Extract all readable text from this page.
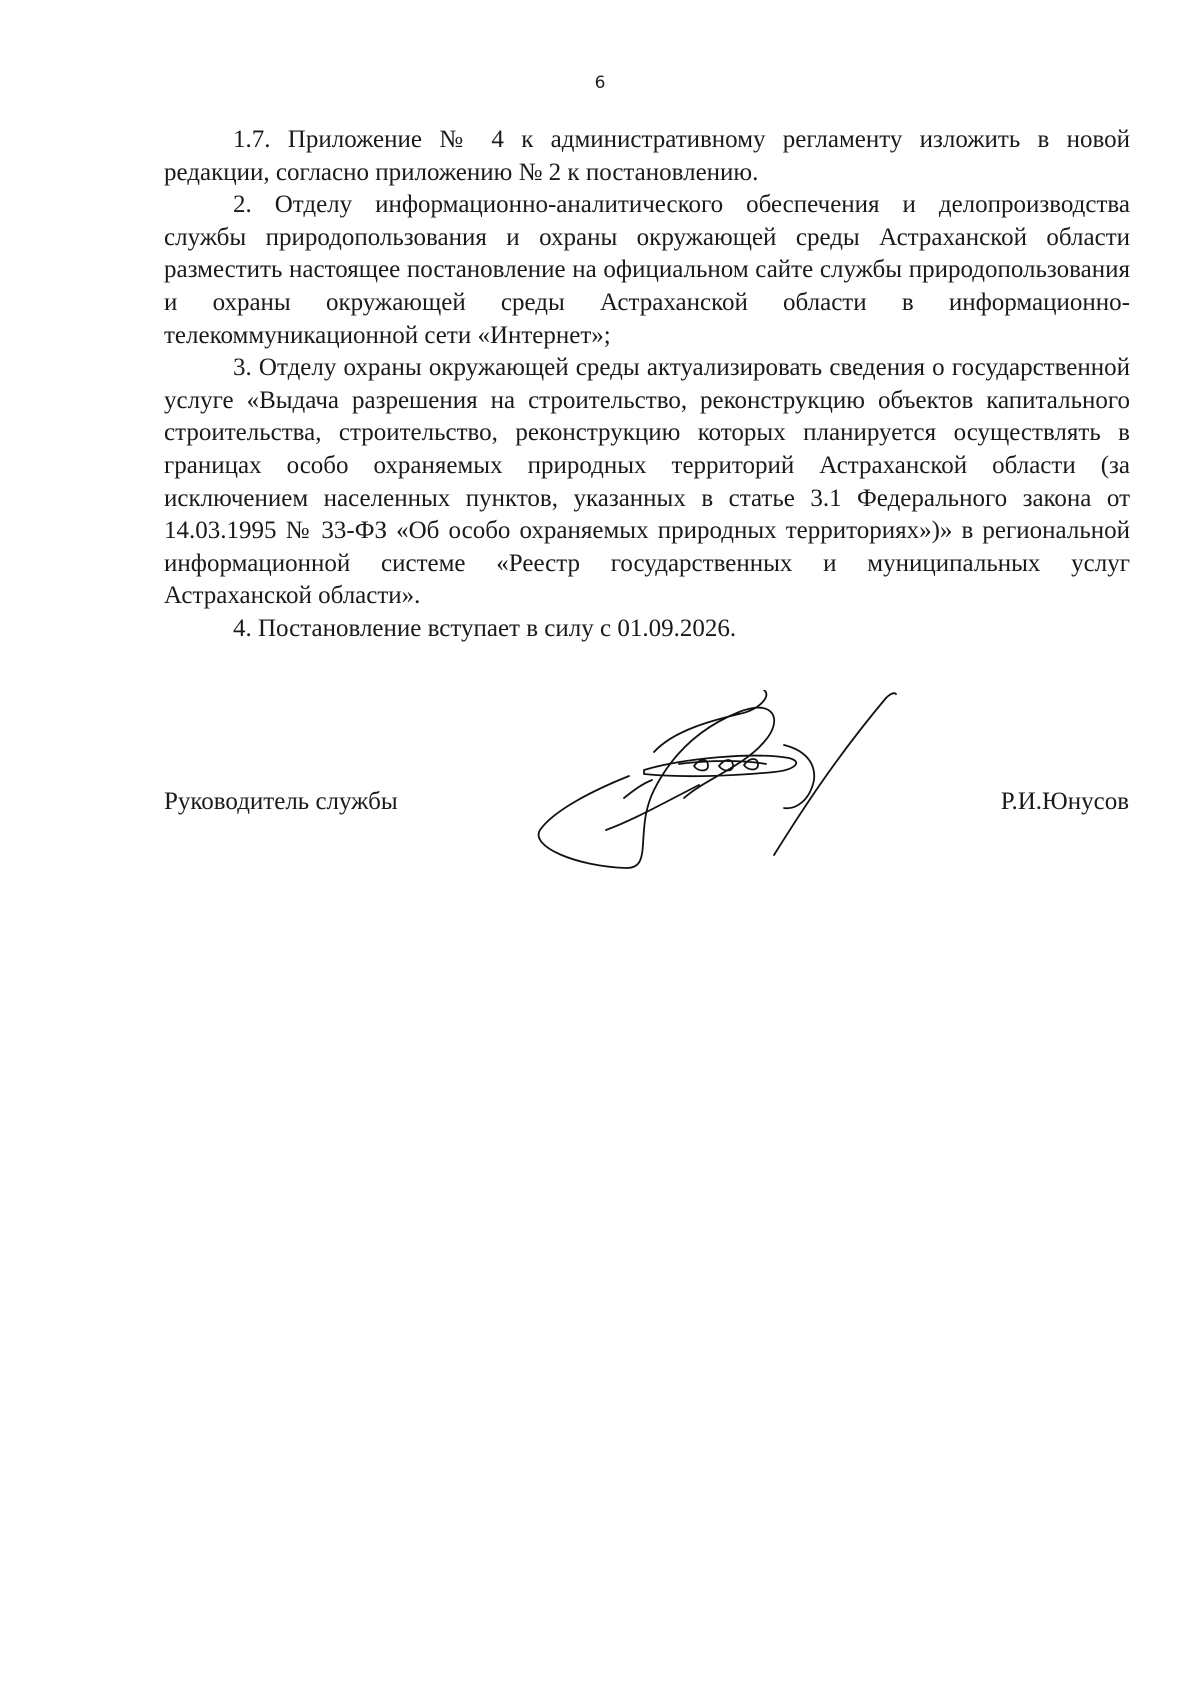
6

1.7. Приложение № 4 к административному регламенту изложить в новой редакции, согласно приложению № 2 к постановлению.

2. Отделу информационно-аналитического обеспечения и делопроизводства службы природопользования и охраны окружающей среды Астраханской области разместить настоящее постановление на официальном сайте службы природопользования и охраны окружающей среды Астраханской области в информационно-телекоммуникационной сети «Интернет»;

3. Отделу охраны окружающей среды актуализировать сведения о государственной услуге «Выдача разрешения на строительство, реконструкцию объектов капитального строительства, строительство, реконструкцию которых планируется осуществлять в границах особо охраняемых природных территорий Астраханской области (за исключением населенных пунктов, указанных в статье 3.1 Федерального закона от 14.03.1995 № 33-ФЗ «Об особо охраняемых природных территориях»)» в региональной информационной системе «Реестр государственных и муниципальных услуг Астраханской области».

4. Постановление вступает в силу с 01.09.2026.

Руководитель службы	Р.И.Юнусов
